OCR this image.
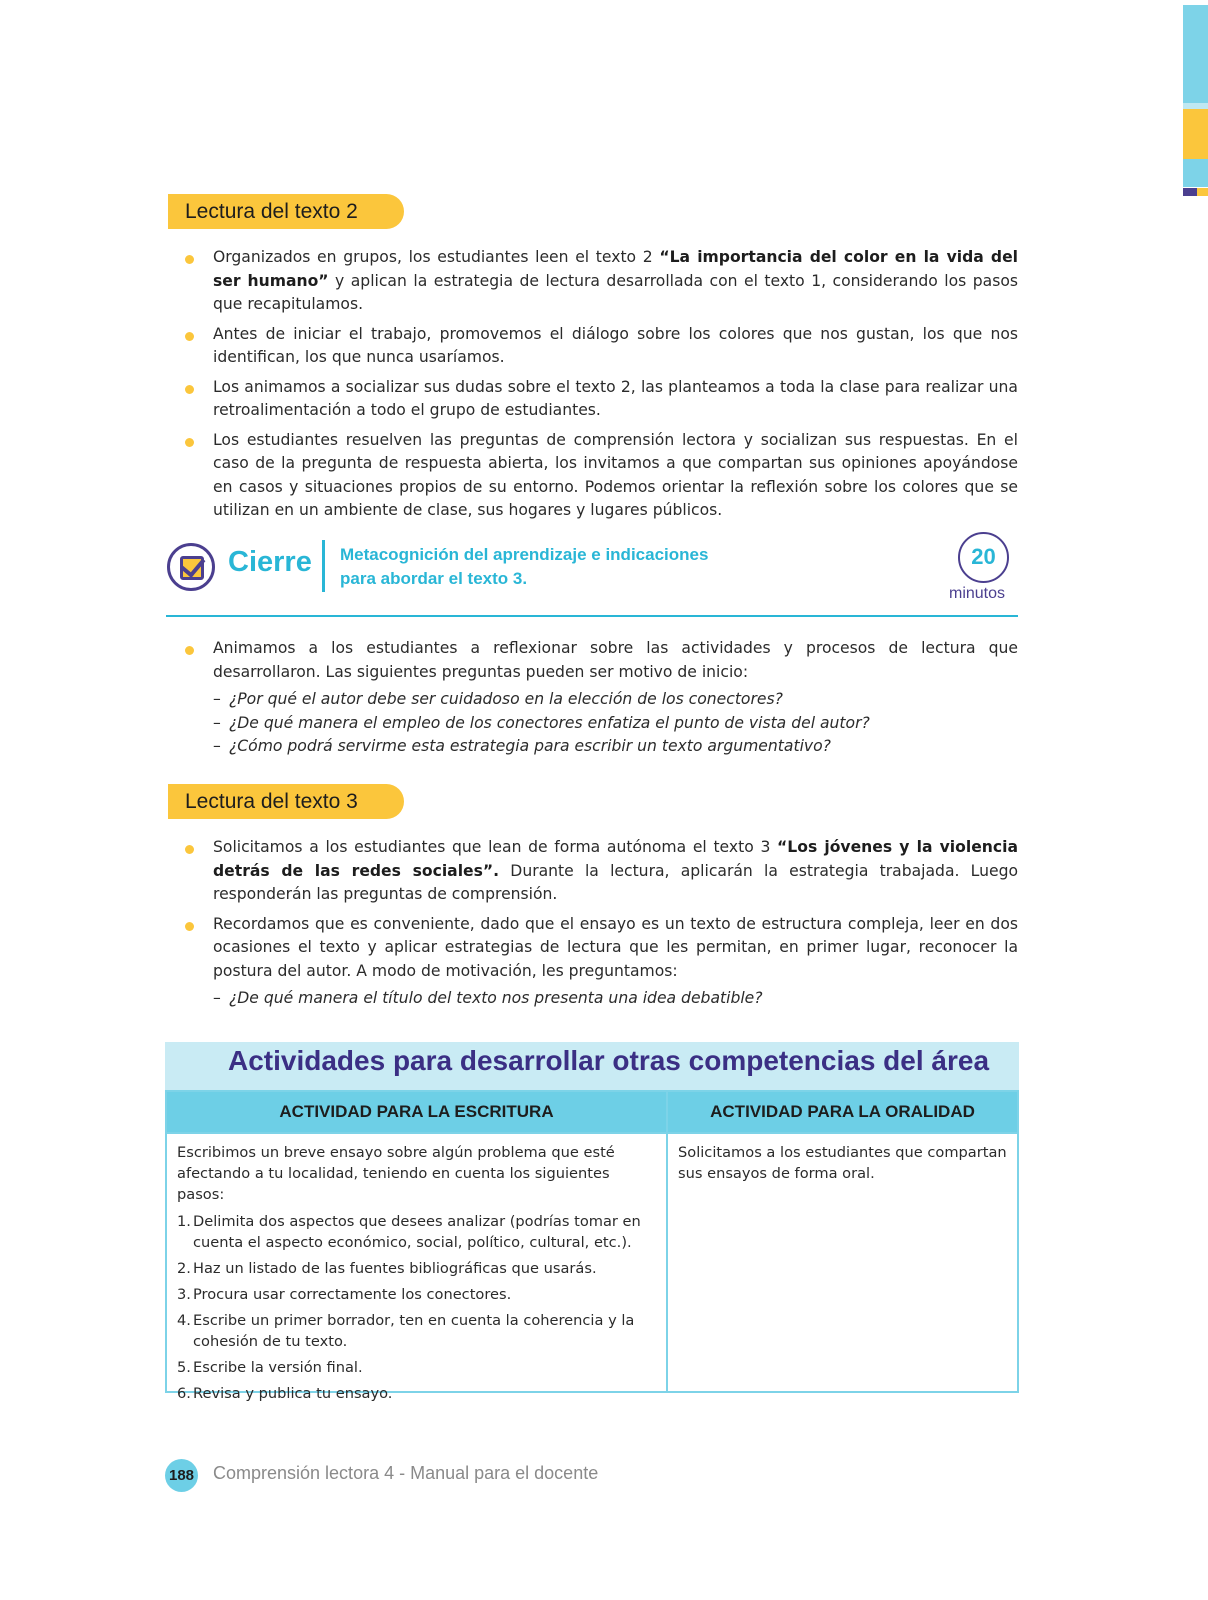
Lectura del texto 2
Organizados en grupos, los estudiantes leen el texto 2 “La importancia del color en la vida del ser humano” y aplican la estrategia de lectura desarrollada con el texto 1, considerando los pasos que recapitulamos.
Antes de iniciar el trabajo, promovemos el diálogo sobre los colores que nos gustan, los que nos identifican, los que nunca usaríamos.
Los animamos a socializar sus dudas sobre el texto 2, las planteamos a toda la clase para realizar una retroalimentación a todo el grupo de estudiantes.
Los estudiantes resuelven las preguntas de comprensión lectora y socializan sus respuestas. En el caso de la pregunta de respuesta abierta, los invitamos a que compartan sus opiniones apoyándose en casos y situaciones propios de su entorno. Podemos orientar la reflexión sobre los colores que se utilizan en un ambiente de clase, sus hogares y lugares públicos.
Cierre Metacognición del aprendizaje e indicaciones
para abordar el texto 3.
20
minutos
Animamos a los estudiantes a reflexionar sobre las actividades y procesos de lectura que desarrollaron. Las siguientes preguntas pueden ser motivo de inicio:
– ¿Por qué el autor debe ser cuidadoso en la elección de los conectores?
– ¿De qué manera el empleo de los conectores enfatiza el punto de vista del autor?
– ¿Cómo podrá servirme esta estrategia para escribir un texto argumentativo?
Lectura del texto 3
Solicitamos a los estudiantes que lean de forma autónoma el texto 3 “Los jóvenes y la violencia detrás de las redes sociales”. Durante la lectura, aplicarán la estrategia trabajada. Luego responderán las preguntas de comprensión.
Recordamos que es conveniente, dado que el ensayo es un texto de estructura compleja, leer en dos ocasiones el texto y aplicar estrategias de lectura que les permitan, en primer lugar, reconocer la postura del autor. A modo de motivación, les preguntamos:
– ¿De qué manera el título del texto nos presenta una idea debatible?
Actividades para desarrollar otras competencias del área
ACTIVIDAD PARA LA ESCRITURA	ACTIVIDAD PARA LA ORALIDAD
Escribimos un breve ensayo sobre algún problema que esté afectando a tu localidad, teniendo en cuenta los siguientes pasos:
1. Delimita dos aspectos que desees analizar (podrías tomar en cuenta el aspecto económico, social, político, cultural, etc.).
2. Haz un listado de las fuentes bibliográficas que usarás.
3. Procura usar correctamente los conectores.
4. Escribe un primer borrador, ten en cuenta la coherencia y la cohesión de tu texto.
5. Escribe la versión final.
6. Revisa y publica tu ensayo.
Solicitamos a los estudiantes que compartan sus ensayos de forma oral.
188 Comprensión lectora 4 - Manual para el docente
